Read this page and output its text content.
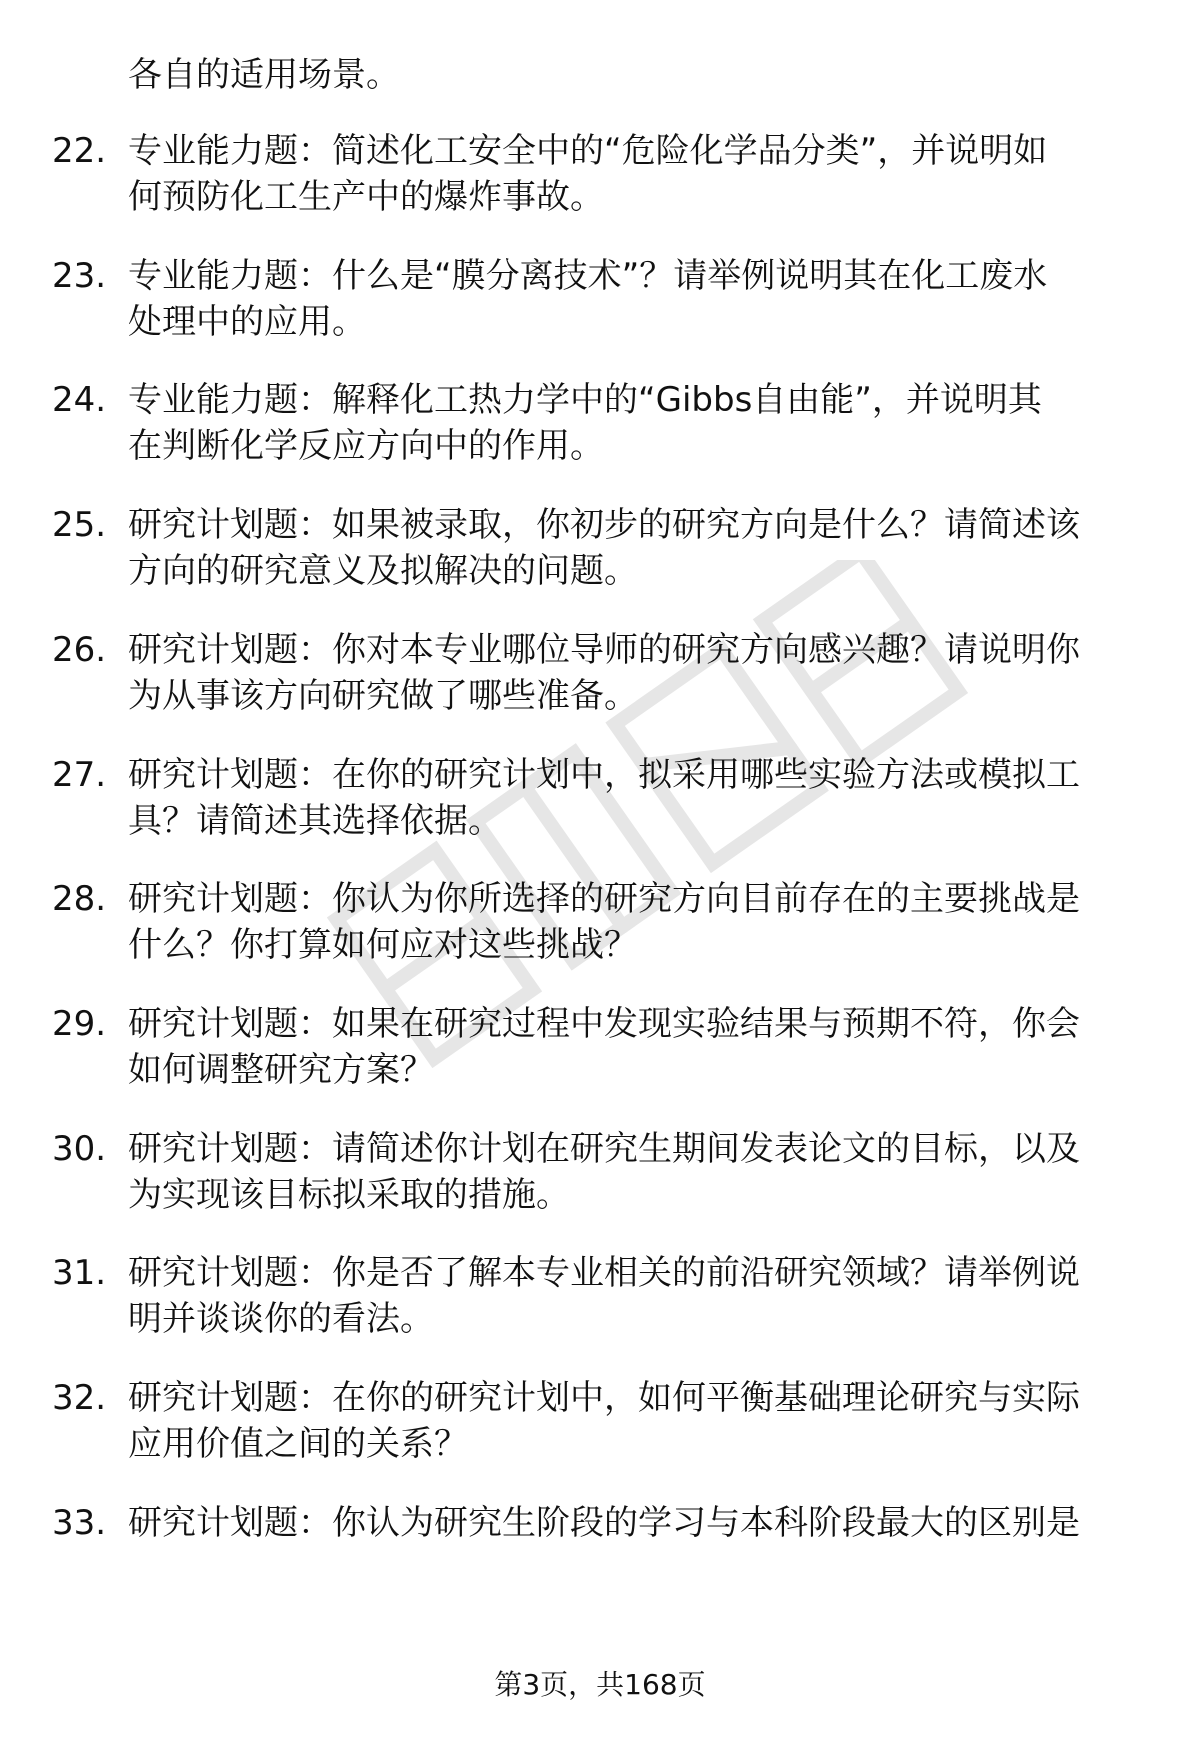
各自的适用场景。
22. 专业能力题：简述化工安全中的“危险化学品分类”，并说明如
何预防化工生产中的爆炸事故。
23. 专业能力题：什么是“膜分离技术”？请举例说明其在化工废水
处理中的应用。
24. 专业能力题：解释化工热力学中的“Gibbs自由能”，并说明其
在判断化学反应方向中的作用。
25. 研究计划题：如果被录取，你初步的研究方向是什么？请简述该
方向的研究意义及拟解决的问题。
26. 研究计划题：你对本专业哪位导师的研究方向感兴趣？请说明你
为从事该方向研究做了哪些准备。
27. 研究计划题：在你的研究计划中，拟采用哪些实验方法或模拟工
具？请简述其选择依据。
28. 研究计划题：你认为你所选择的研究方向目前存在的主要挑战是
什么？你打算如何应对这些挑战？
29. 研究计划题：如果在研究过程中发现实验结果与预期不符，你会
如何调整研究方案？
30. 研究计划题：请简述你计划在研究生期间发表论文的目标，以及
为实现该目标拟采取的措施。
31. 研究计划题：你是否了解本专业相关的前沿研究领域？请举例说
明并谈谈你的看法。
32. 研究计划题：在你的研究计划中，如何平衡基础理论研究与实际
应用价值之间的关系？
33. 研究计划题：你认为研究生阶段的学习与本科阶段最大的区别是
第3页，共168页
